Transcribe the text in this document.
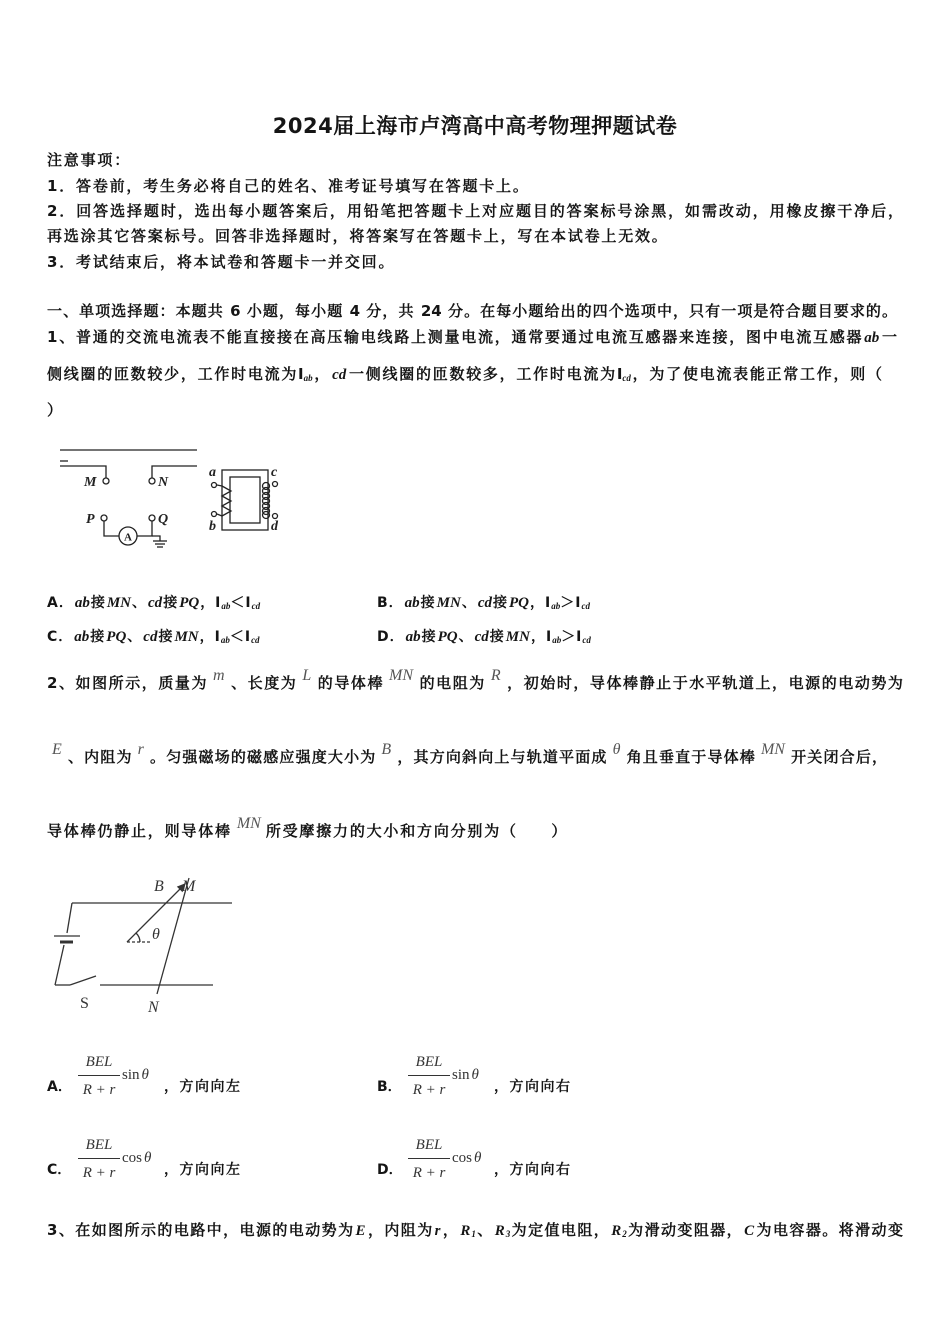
2024届上海市卢湾高中高考物理押题试卷
注意事项：
1．答卷前，考生务必将自己的姓名、准考证号填写在答题卡上。
2．回答选择题时，选出每小题答案后，用铅笔把答题卡上对应题目的答案标号涂黑，如需改动，用橡皮擦干净后，
再选涂其它答案标号。回答非选择题时，将答案写在答题卡上，写在本试卷上无效。
3．考试结束后，将本试卷和答题卡一并交回。
一、单项选择题：本题共 6 小题，每小题 4 分，共 24 分。在每小题给出的四个选项中，只有一项是符合题目要求的。
1、普通的交流电流表不能直接接在高压输电线路上测量电流，通常要通过电流互感器来连接，图中电流互感器ab一
侧线圈的匝数较少，工作时电流为$I_{ab}$，cd一侧线圈的匝数较多，工作时电流为$I_{cd}$，为了使电流表能正常工作，则（
）
M	N
P	Q
a
b
c
d
A
A．ab接MN、cd接PQ，$I_{ab}<I_{cd}$	B．ab接MN、cd接PQ，$I_{ab}>I_{cd}$
C．ab接PQ、cd接MN，$I_{ab}<I_{cd}$	D．ab接PQ、cd接MN，$I_{ab}>I_{cd}$
2、如图所示，质量为 m 、长度为 L 的导体棒 MN 的电阻为 R ，初始时，导体棒静止于水平轨道上，电源的电动势为
E 、内阻为 r 。匀强磁场的磁感应强度大小为 B ，其方向斜向上与轨道平面成 θ 角且垂直于导体棒 MN 开关闭合后，
导体棒仍静止，则导体棒 MN 所受摩擦力的大小和方向分别为（　　）
θ
B M
N
S
A．
BEL
R + r
sin θ
，方向向左	B．
BEL
R + r
sin θ
，方向向右
C．
BEL
R + r
cos θ
，方向向左	D．
BEL
R + r
cos θ
，方向向右
3、在如图所示的电路中，电源的电动势为E，内阻为r，$R_1$、$R_3$为定值电阻，$R_2$为滑动变阻器，C为电容器。将滑动变
